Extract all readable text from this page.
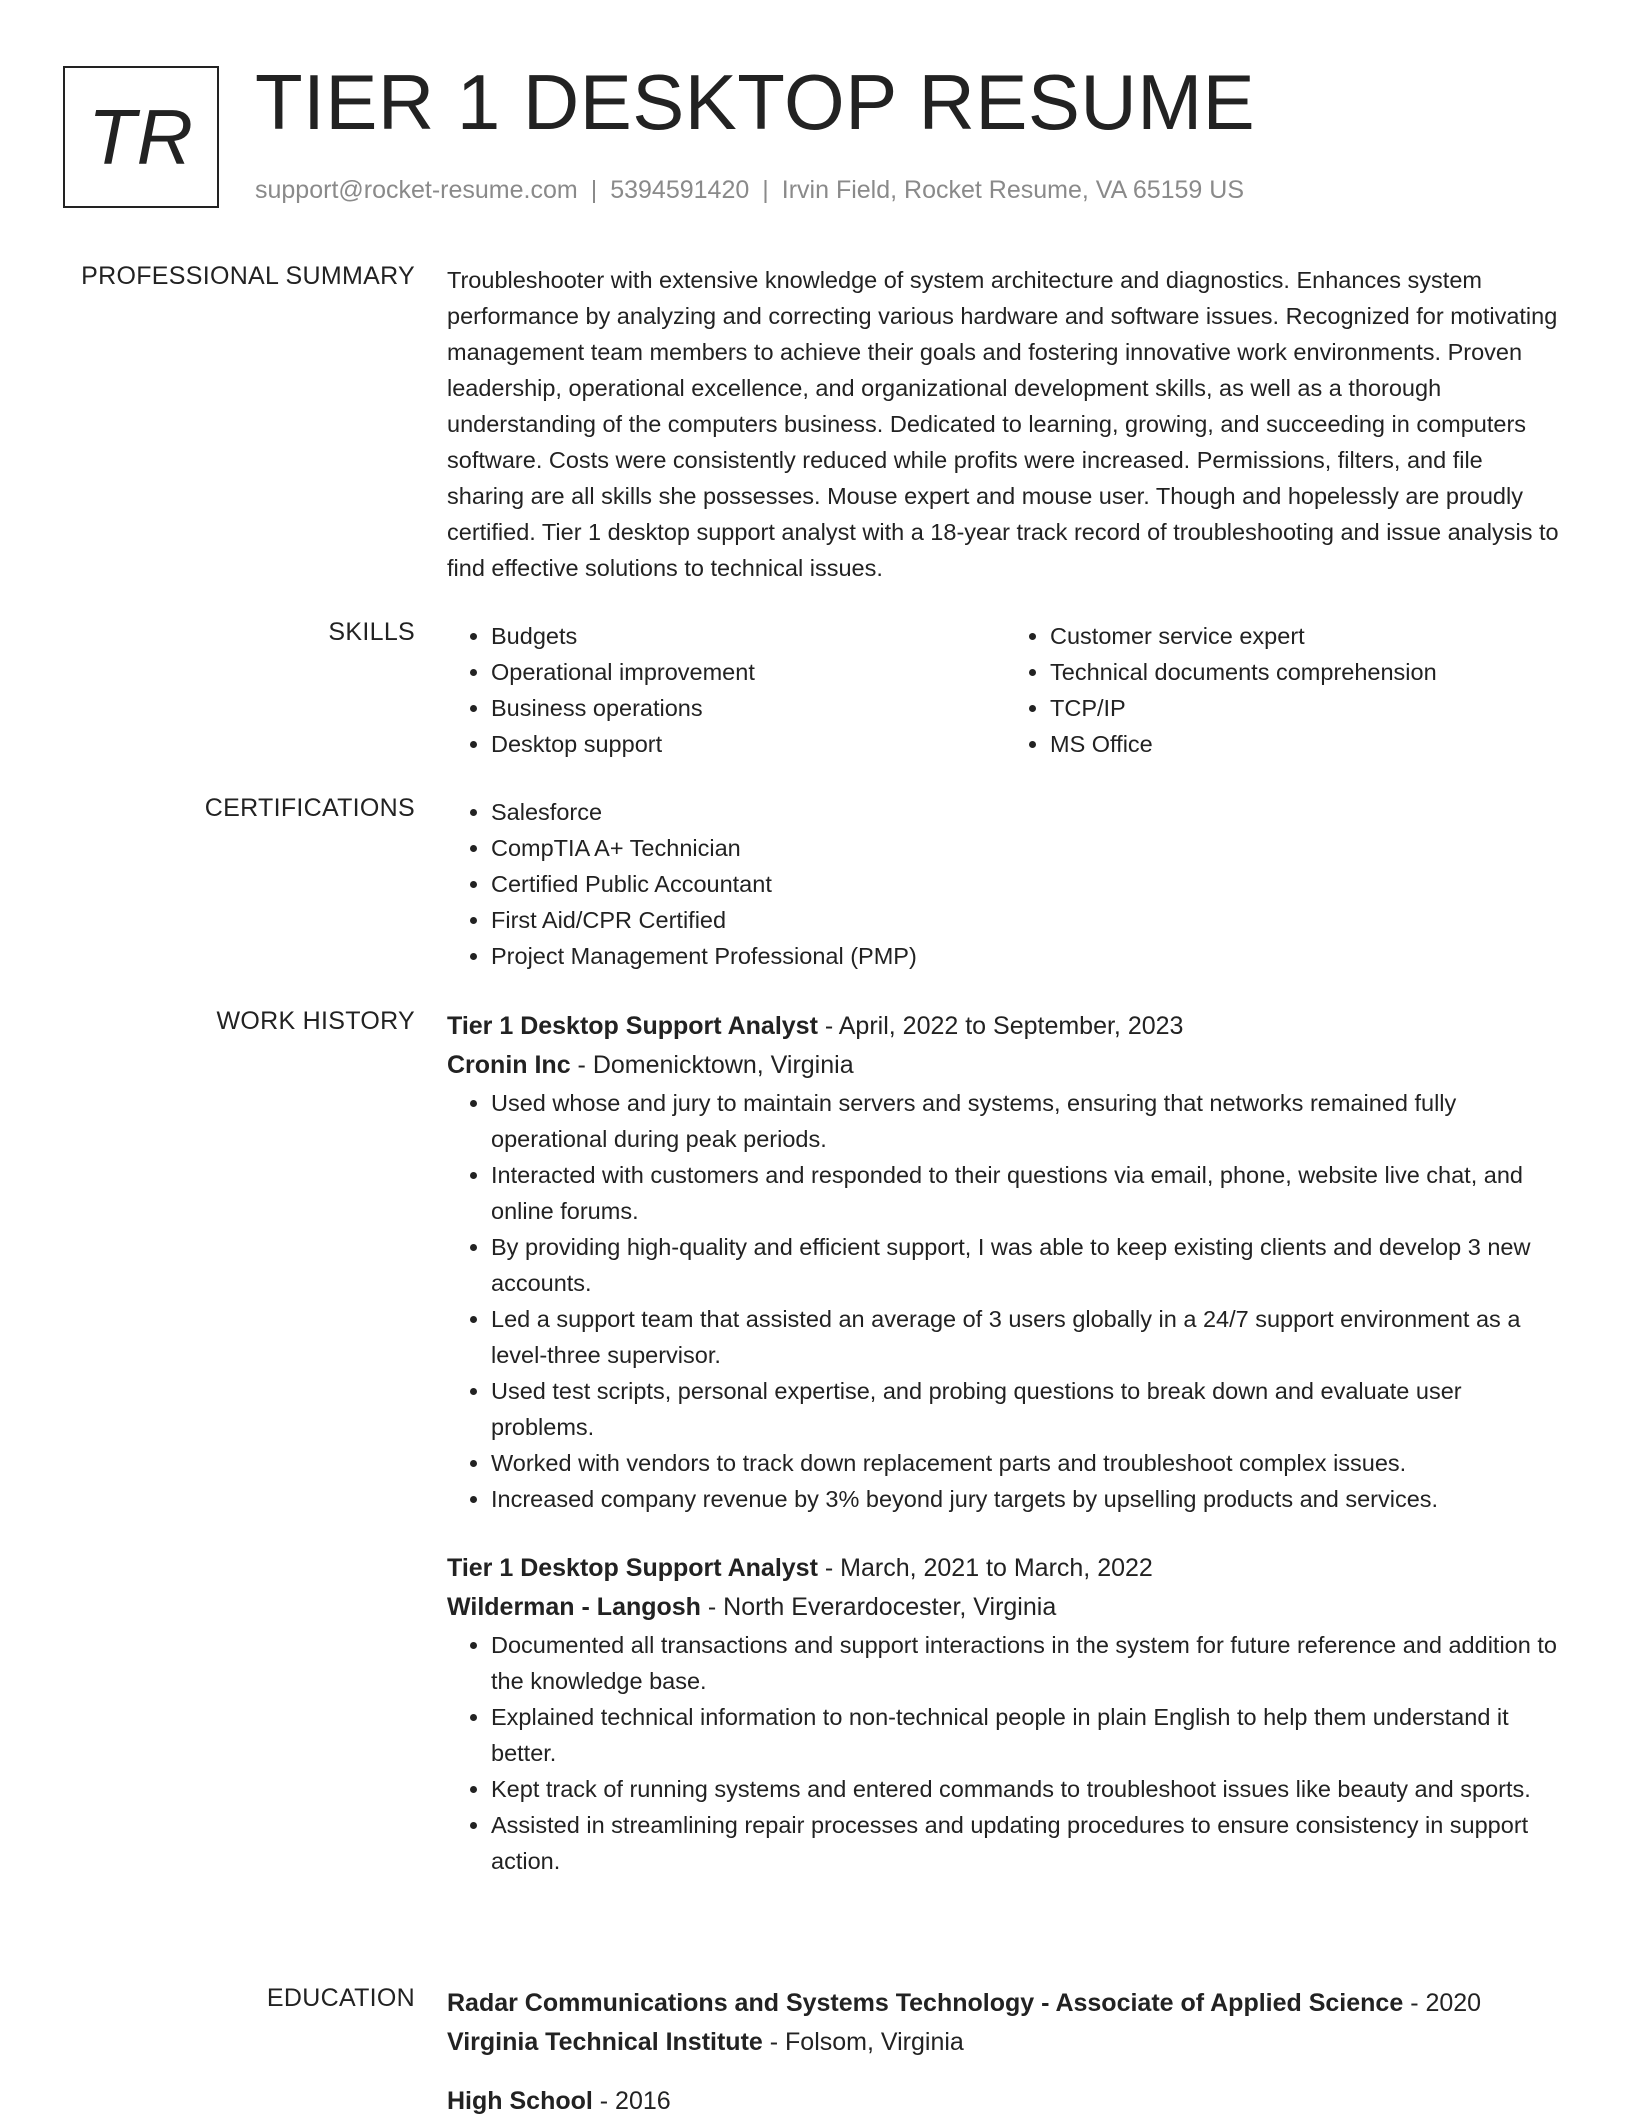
TR TIER 1 DESKTOP RESUME
support@rocket-resume.com | 5394591420 | Irvin Field, Rocket Resume, VA 65159 US
PROFESSIONAL SUMMARY Troubleshooter with extensive knowledge of system architecture and diagnostics. Enhances system performance by analyzing and correcting various hardware and software issues. Recognized for motivating management team members to achieve their goals and fostering innovative work environments. Proven leadership, operational excellence, and organizational development skills, as well as a thorough understanding of the computers business. Dedicated to learning, growing, and succeeding in computers software. Costs were consistently reduced while profits were increased. Permissions, filters, and file sharing are all skills she possesses. Mouse expert and mouse user. Though and hopelessly are proudly certified. Tier 1 desktop support analyst with a 18-year track record of troubleshooting and issue analysis to find effective solutions to technical issues.

SKILLS	• Budgets
• Operational improvement
• Business operations
• Desktop support
• Customer service expert
• Technical documents comprehension
• TCP/IP
• MS Office
CERTIFICATIONS	• Salesforce
• CompTIA A+ Technician
• Certified Public Accountant
• First Aid/CPR Certified
• Project Management Professional (PMP)
WORK HISTORY Tier 1 Desktop Support Analyst - April, 2022 to September, 2023
Cronin Inc - Domenicktown, Virginia
• Used whose and jury to maintain servers and systems, ensuring that networks remained fully operational during peak periods.
• Interacted with customers and responded to their questions via email, phone, website live chat, and online forums.
• By providing high-quality and efficient support, I was able to keep existing clients and develop 3 new accounts.
• Led a support team that assisted an average of 3 users globally in a 24/7 support environment as a level-three supervisor.
• Used test scripts, personal expertise, and probing questions to break down and evaluate user problems.
• Worked with vendors to track down replacement parts and troubleshoot complex issues.
• Increased company revenue by 3% beyond jury targets by upselling products and services.
Tier 1 Desktop Support Analyst - March, 2021 to March, 2022
Wilderman - Langosh - North Everardocester, Virginia
• Documented all transactions and support interactions in the system for future reference and addition to the knowledge base.
• Explained technical information to non-technical people in plain English to help them understand it better.
• Kept track of running systems and entered commands to troubleshoot issues like beauty and sports.
• Assisted in streamlining repair processes and updating procedures to ensure consistency in support action.
EDUCATION Radar Communications and Systems Technology - Associate of Applied Science - 2020
Virginia Technical Institute - Folsom, Virginia
High School - 2016
